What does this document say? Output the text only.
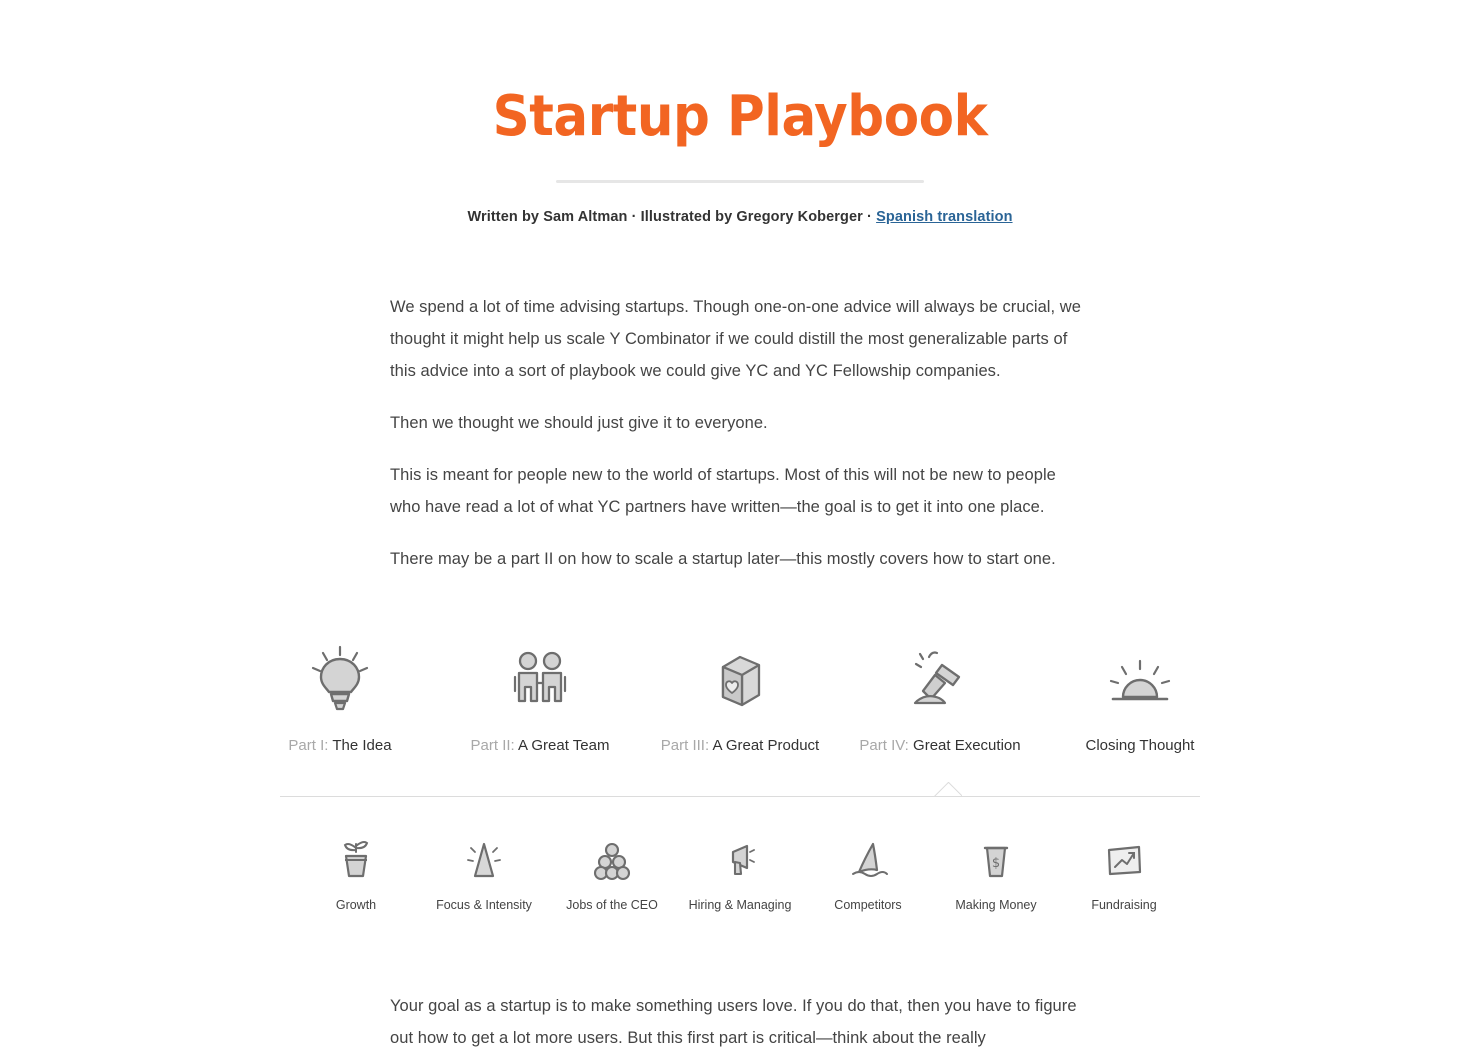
Startup Playbook
Written by Sam Altman · Illustrated by Gregory Koberger · Spanish translation

We spend a lot of time advising startups. Though one-on-one advice will always be crucial, we thought it might help us scale Y Combinator if we could distill the most generalizable parts of this advice into a sort of playbook we could give YC and YC Fellowship companies.

Then we thought we should just give it to everyone.

This is meant for people new to the world of startups. Most of this will not be new to people who have read a lot of what YC partners have written—the goal is to get it into one place.

There may be a part II on how to scale a startup later—this mostly covers how to start one.

Part I: The Idea	Part II: A Great Team	Part III: A Great Product	Part IV: Great Execution	Closing Thought
Growth	Focus & Intensity	Jobs of the CEO	Hiring & Managing	Competitors
$
Making Money	Fundraising

Your goal as a startup is to make something users love. If you do that, then you have to figure out how to get a lot more users. But this first part is critical—think about the really
